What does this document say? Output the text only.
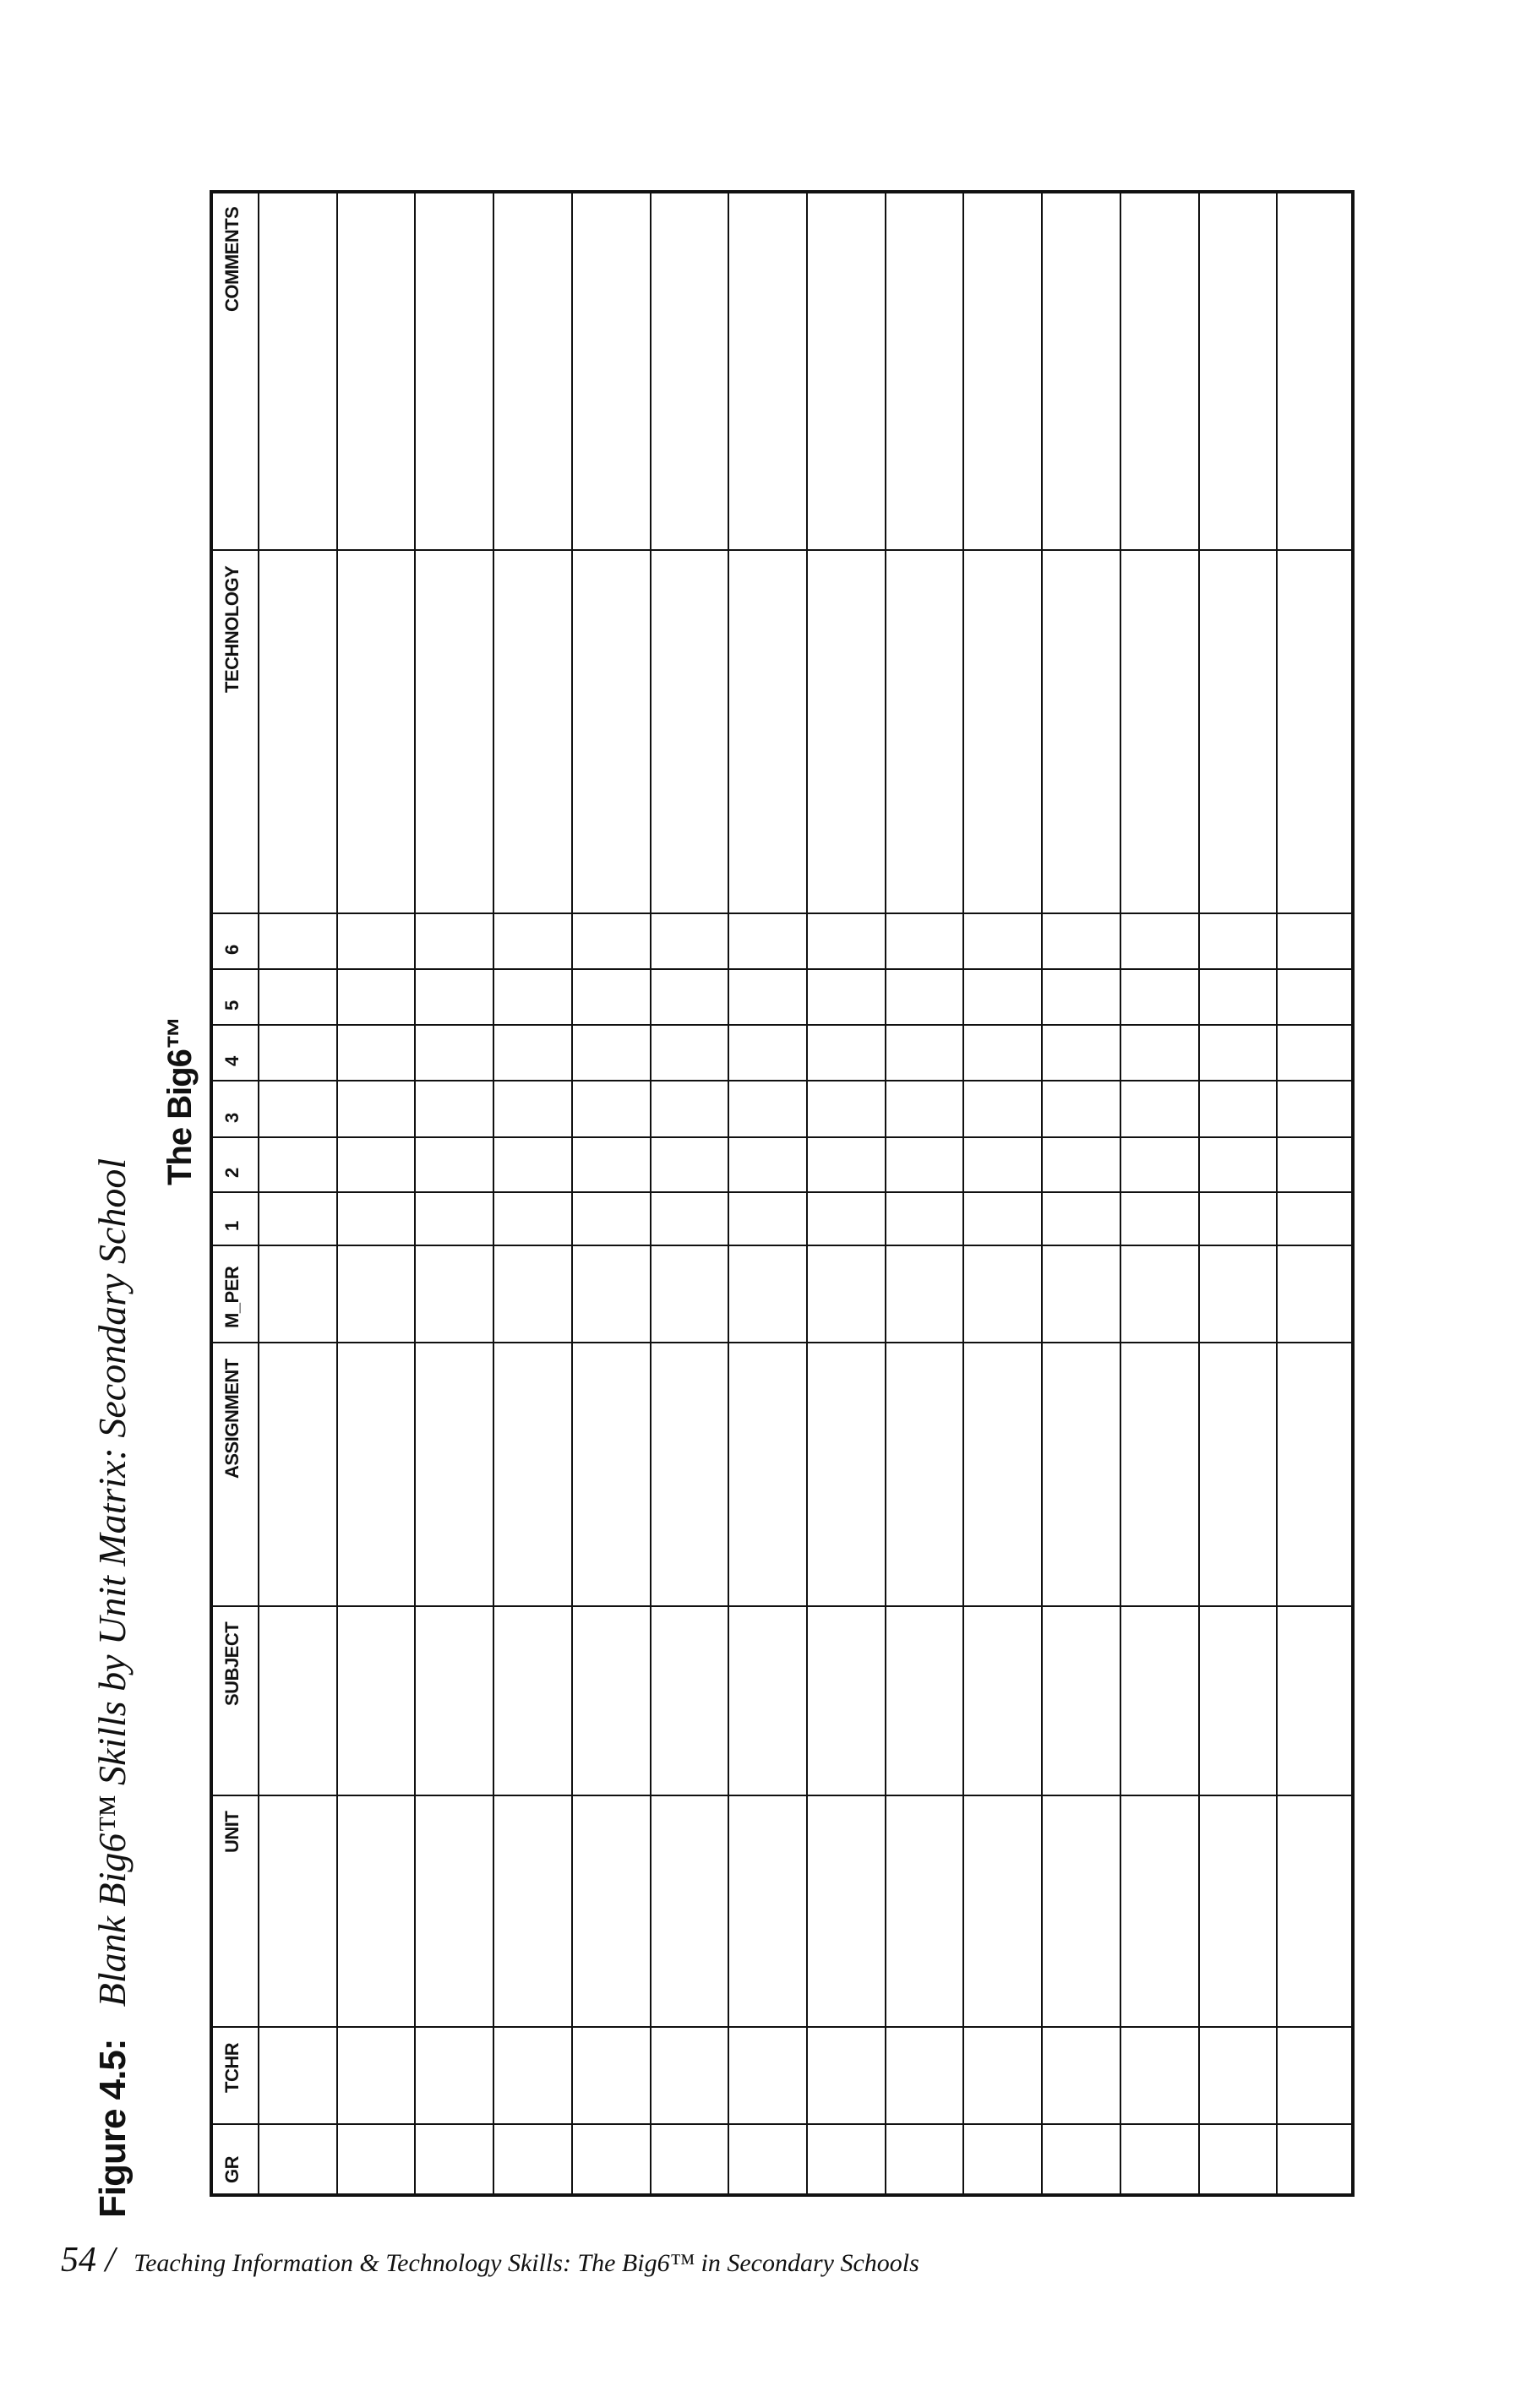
Figure 4.5: Blank Big6™ Skills by Unit Matrix: Secondary School
The Big6™
GR
TCHR
UNIT
SUBJECT
ASSIGNMENT
M_PER
1
2
3
4
5
6
TECHNOLOGY
COMMENTS
54 / Teaching Information & Technology Skills: The Big6™ in Secondary Schools
